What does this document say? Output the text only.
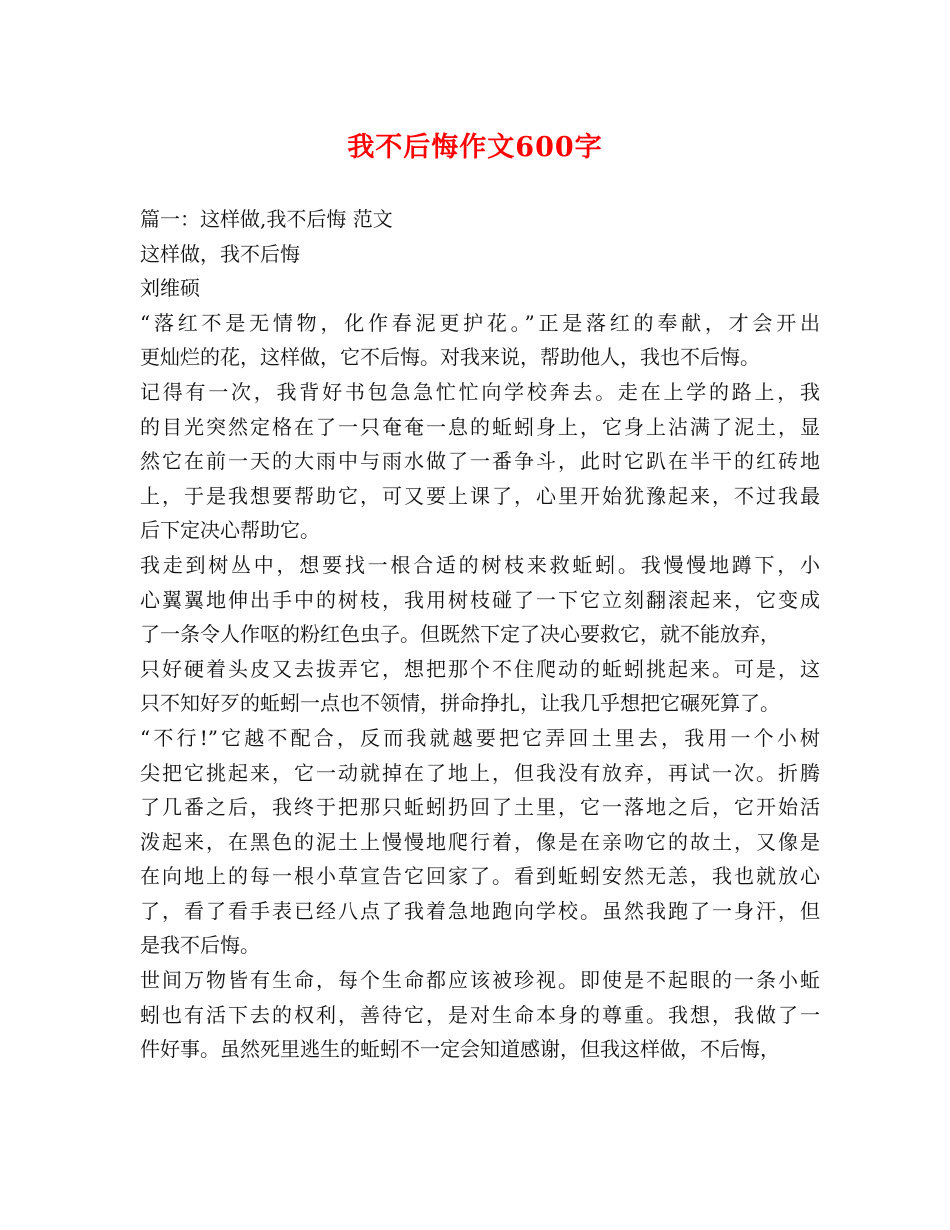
我不后悔作文600字
篇一：这样做,我不后悔 范文
这样做，我不后悔
刘维硕
“落红不是无情物，化作春泥更护花。”正是落红的奉献，才会开出
更灿烂的花，这样做，它不后悔。对我来说，帮助他人，我也不后悔。
记得有一次，我背好书包急急忙忙向学校奔去。走在上学的路上，我
的目光突然定格在了一只奄奄一息的蚯蚓身上，它身上沾满了泥土，显
然它在前一天的大雨中与雨水做了一番争斗，此时它趴在半干的红砖地
上，于是我想要帮助它，可又要上课了，心里开始犹豫起来，不过我最
后下定决心帮助它。
我走到树丛中，想要找一根合适的树枝来救蚯蚓。我慢慢地蹲下，小
心翼翼地伸出手中的树枝，我用树枝碰了一下它立刻翻滚起来，它变成
了一条令人作呕的粉红色虫子。但既然下定了决心要救它，就不能放弃，
只好硬着头皮又去拔弄它，想把那个不住爬动的蚯蚓挑起来。可是，这
只不知好歹的蚯蚓一点也不领情，拼命挣扎，让我几乎想把它碾死算了。
“不行!”它越不配合，反而我就越要把它弄回土里去，我用一个小树
尖把它挑起来，它一动就掉在了地上，但我没有放弃，再试一次。折腾
了几番之后，我终于把那只蚯蚓扔回了土里，它一落地之后，它开始活
泼起来，在黑色的泥土上慢慢地爬行着，像是在亲吻它的故土，又像是
在向地上的每一根小草宣告它回家了。看到蚯蚓安然无恙，我也就放心
了，看了看手表已经八点了我着急地跑向学校。虽然我跑了一身汗，但
是我不后悔。
世间万物皆有生命，每个生命都应该被珍视。即使是不起眼的一条小蚯
蚓也有活下去的权利，善待它，是对生命本身的尊重。我想，我做了一
件好事。虽然死里逃生的蚯蚓不一定会知道感谢，但我这样做，不后悔，
